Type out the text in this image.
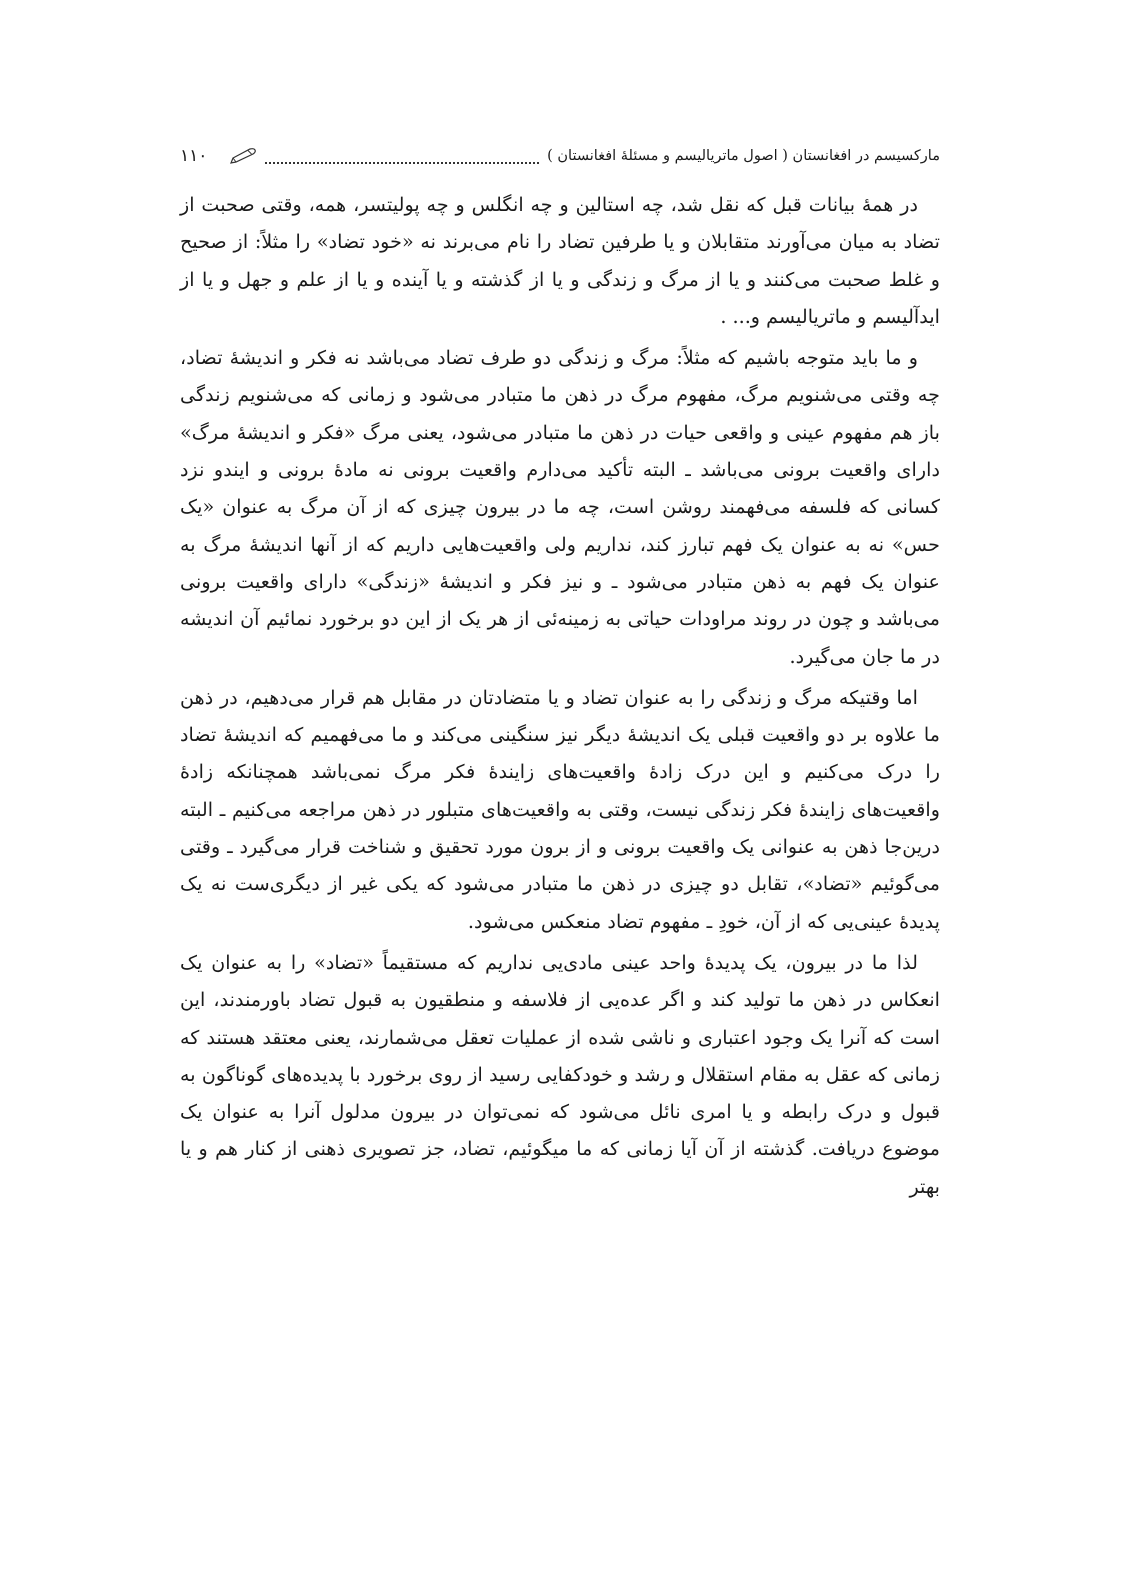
مارکسیسم در افغانستان ( اصول ماتریالیسم و مسئلهٔ افغانستان )
۱۱۰

در همهٔ بیانات قبل که نقل شد، چه استالین و چه انگلس و چه پولیتسر، همه، وقتی صحبت از تضاد به میان می‌آورند متقابلان و یا طرفین تضاد را نام می‌برند نه «خود تضاد» را مثلاً: از صحیح و غلط صحبت می‌کنند و یا از مرگ و زندگی و یا از گذشته و یا آینده و یا از علم و جهل و یا از ایدآلیسم و ماتریالیسم و... .

و ما باید متوجه باشیم که مثلاً: مرگ و زندگی دو طرف تضاد می‌باشد نه فکر و اندیشهٔ تضاد، چه وقتی می‌شنویم مرگ، مفهوم مرگ در ذهن ما متبادر می‌شود و زمانی که می‌شنویم زندگی باز هم مفهوم عینی و واقعی حیات در ذهن ما متبادر می‌شود، یعنی مرگ «فکر و اندیشهٔ مرگ» دارای واقعیت برونی می‌باشد ـ البته تأکید می‌دارم واقعیت برونی نه مادهٔ برونی و ایندو نزد کسانی که فلسفه می‌فهمند روشن است، چه ما در بیرون چیزی که از آن مرگ به عنوان «یک حس» نه به عنوان یک فهم تبارز کند، نداریم ولی واقعیت‌هایی داریم که از آنها اندیشهٔ مرگ به عنوان یک فهم به ذهن متبادر می‌شود ـ و نیز فکر و اندیشهٔ «زندگی» دارای واقعیت برونی می‌باشد و چون در روند مراودات حیاتی به زمینه‌ئی از هر یک از این دو برخورد نمائیم آن اندیشه در ما جان می‌گیرد.

اما وقتیکه مرگ و زندگی را به عنوان تضاد و یا متضادتان در مقابل هم قرار می‌دهیم، در ذهن ما علاوه بر دو واقعیت قبلی یک اندیشهٔ دیگر نیز سنگینی می‌کند و ما می‌فهمیم که اندیشهٔ تضاد را درک می‌کنیم و این درک زادهٔ واقعیت‌های زایندهٔ فکر مرگ نمی‌باشد همچنانکه زادهٔ واقعیت‌های زایندهٔ فکر زندگی نیست، وقتی به واقعیت‌های متبلور در ذهن مراجعه می‌کنیم ـ البته درین‌جا ذهن به عنوانی یک واقعیت برونی و از برون مورد تحقیق و شناخت قرار می‌گیرد ـ وقتی می‌گوئیم «تضاد»، تقابل دو چیزی در ذهن ما متبادر می‌شود که یکی غیر از دیگری‌ست نه یک پدیدهٔ عینی‌یی که از آن، خودِ ـ مفهوم تضاد منعکس می‌شود.

لذا ما در بیرون، یک پدیدهٔ واحد عینی مادی‌یی نداریم که مستقیماً «تضاد» را به عنوان یک انعکاس در ذهن ما تولید کند و اگر عده‌یی از فلاسفه و منطقیون به قبول تضاد باورمندند، این است که آنرا یک وجود اعتباری و ناشی شده از عملیات تعقل می‌شمارند، یعنی معتقد هستند که زمانی که عقل به مقام استقلال و رشد و خودکفایی رسید از روی برخورد با پدیده‌های گوناگون به قبول و درک رابطه و یا امری نائل می‌شود که نمی‌توان در بیرون مدلول آنرا به عنوان یک موضوع دریافت. گذشته از آن آیا زمانی که ما میگوئیم، تضاد، جز تصویری ذهنی از کنار هم و یا بهتر
